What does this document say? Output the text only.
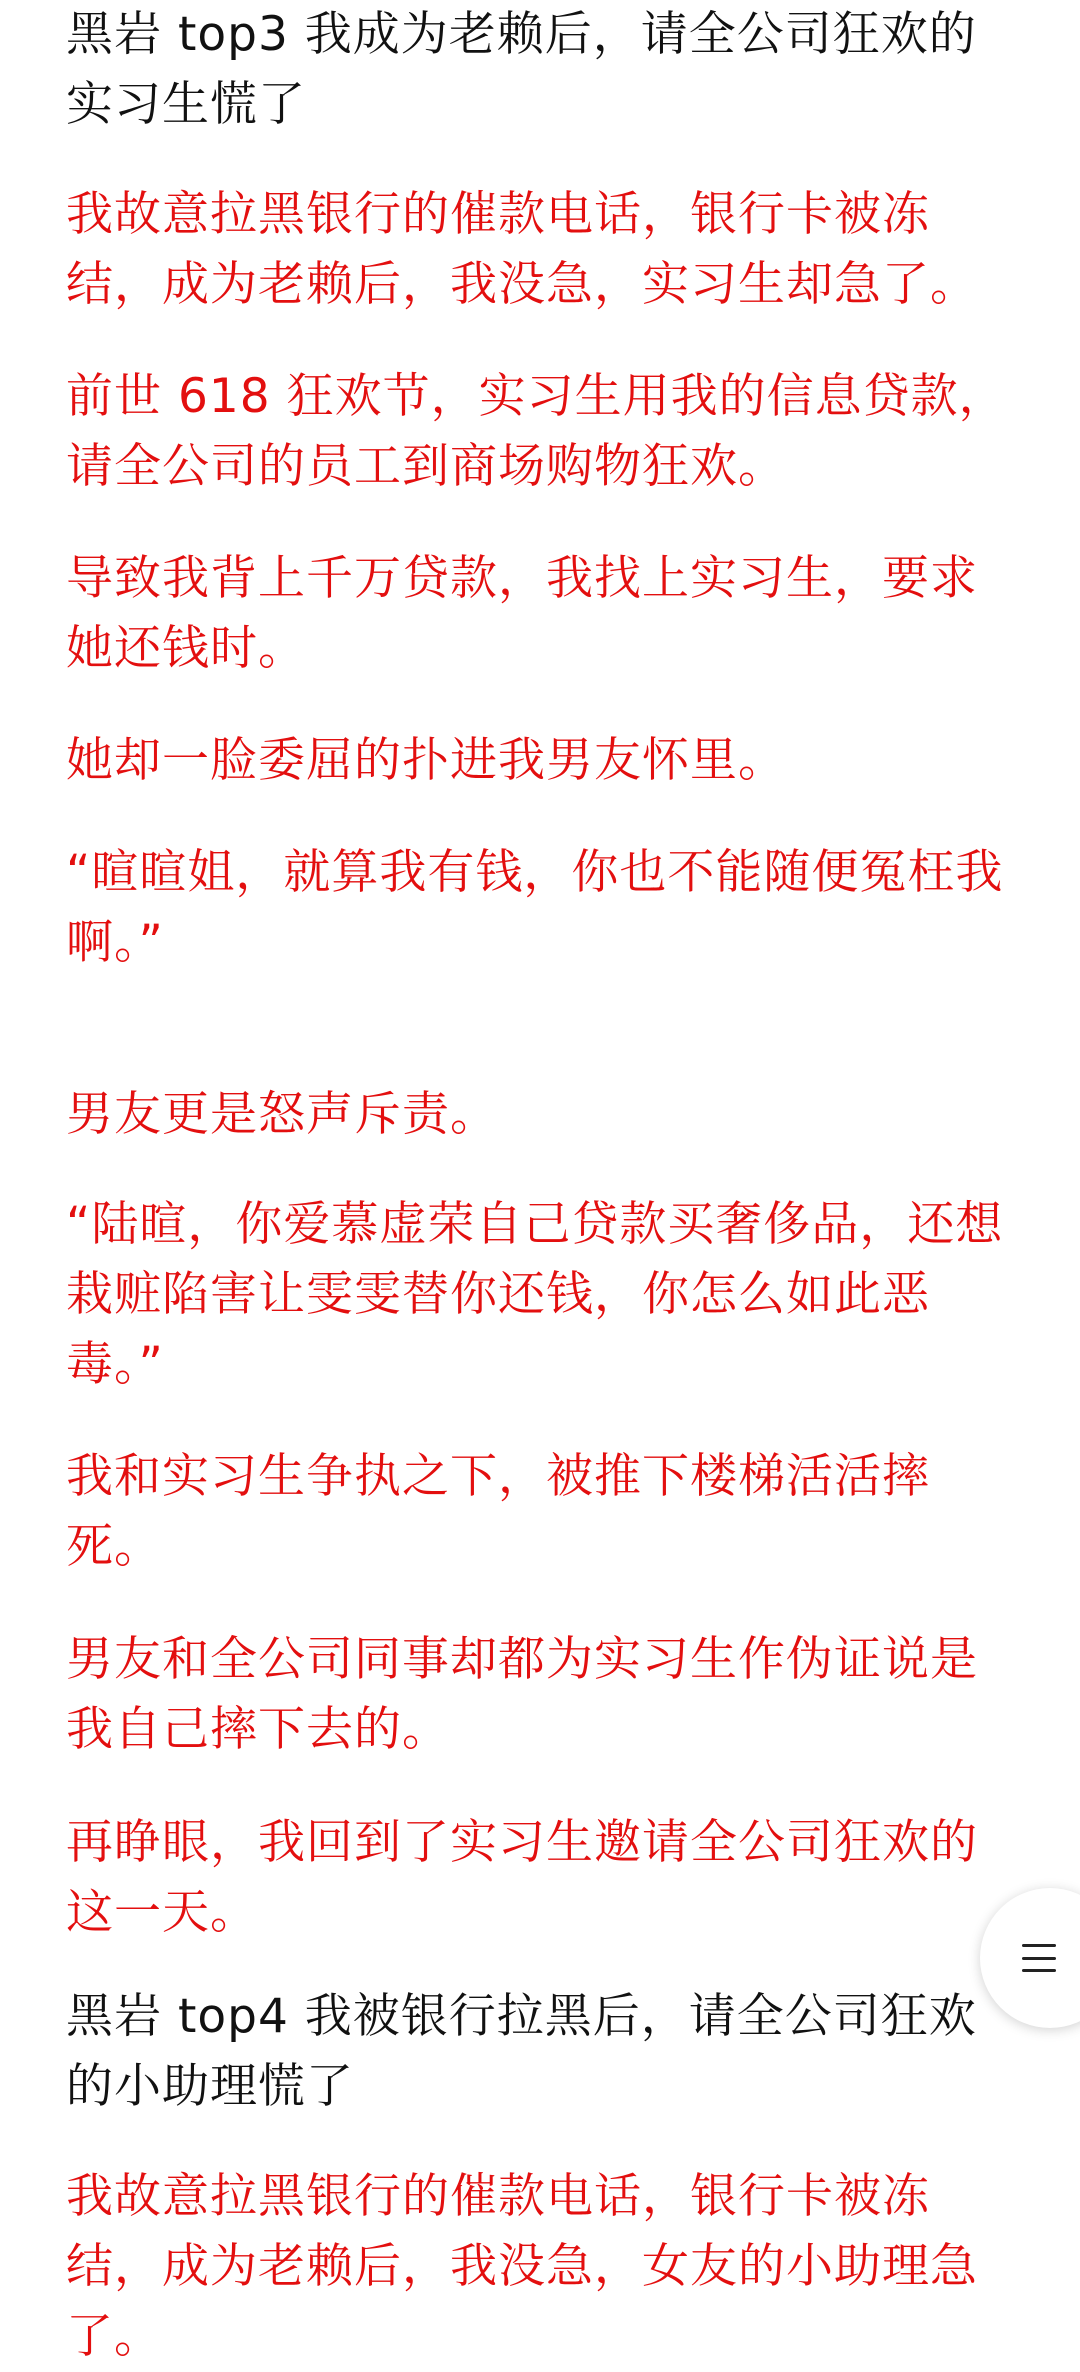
黑岩 top3 我成为老赖后，请全公司狂欢的实习生慌了

我故意拉黑银行的催款电话，银行卡被冻结，成为老赖后，我没急，实习生却急了。

前世 618 狂欢节，实习生用我的信息贷款，请全公司的员工到商场购物狂欢。

导致我背上千万贷款，我找上实习生，要求她还钱时。

她却一脸委屈的扑进我男友怀里。

“暄暄姐，就算我有钱，你也不能随便冤枉我啊。”

男友更是怒声斥责。

“陆暄，你爱慕虚荣自己贷款买奢侈品，还想栽赃陷害让雯雯替你还钱，你怎么如此恶毒。”

我和实习生争执之下，被推下楼梯活活摔死。

男友和全公司同事却都为实习生作伪证说是我自己摔下去的。

再睁眼，我回到了实习生邀请全公司狂欢的这一天。

黑岩 top4 我被银行拉黑后，请全公司狂欢的小助理慌了

我故意拉黑银行的催款电话，银行卡被冻结，成为老赖后，我没急，女友的小助理急了。
